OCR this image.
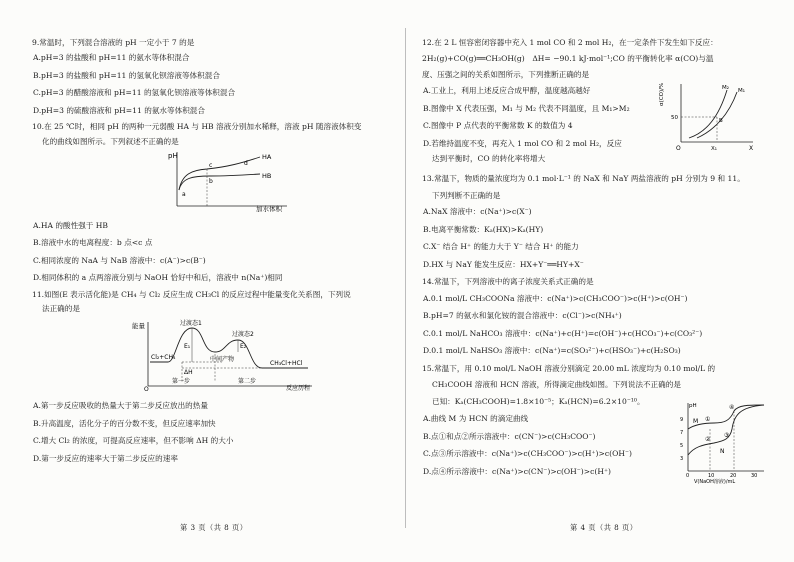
9.常温时，下列混合溶液的 pH 一定小于 7 的是
A.pH=3 的盐酸和 pH=11 的氨水等体积混合
B.pH=3 的盐酸和 pH=11 的氢氧化钡溶液等体积混合
C.pH=3 的醋酸溶液和 pH=11 的氢氧化钡溶液等体积混合
D.pH=3 的硫酸溶液和 pH=11 的氨水等体积混合
10.在 25 ℃时，相同 pH 的两种一元弱酸 HA 与 HB 溶液分别加水稀释，溶液 pH 随溶液体积变
化的曲线如图所示。下列叙述不正确的是
pH
加水体积
HA
HB
a
b
c	d
A.HA 的酸性强于 HB
B.溶液中水的电离程度：b 点<c 点
C.相同浓度的 NaA 与 NaB 溶液中：c(A⁻)>c(B⁻)
D.相同体积的 a 点两溶液分别与 NaOH 恰好中和后，溶液中 n(Na⁺)相同
11.如图(E 表示活化能)是 CH₄ 与 Cl₂ 反应生成 CH₃Cl 的反应过程中能量变化关系图，下列说
法正确的是
能量
O	反应历程
过渡态1
过渡态2
中间产物
Cl₂+CH₄
CH₃Cl+HCl
E₁	E₂
ΔH
第一步	第二步
A.第一步反应吸收的热量大于第二步反应放出的热量
B.升高温度，活化分子的百分数不变，但反应速率加快
C.增大 Cl₂ 的浓度，可提高反应速率，但不影响 ΔH 的大小
D.第一步反应的速率大于第二步反应的速率
第 3 页（共 8 页）
12.在 2 L 恒容密闭容器中充入 1 mol CO 和 2 mol H₂，在一定条件下发生如下反应：
2H₂(g)+CO(g)══CH₃OH(g)　ΔH= −90.1 kJ·mol⁻¹;CO 的平衡转化率 α(CO)与温
度、压强之间的关系如图所示，下列推断正确的是
A.工业上，利用上述反应合成甲醇，温度越高越好
B.图像中 X 代表压强，M₁ 与 M₂ 代表不同温度，且 M₁>M₂
C.图像中 P 点代表的平衡常数 K 的数值为 4
D.若维持温度不变，再充入 1 mol CO 和 2 mol H₂，反应
达到平衡时，CO 的转化率将增大
α(CO)/%
X
O
50
X₁
M₂ M₁
B
13.常温下，物质的量浓度均为 0.1 mol·L⁻¹ 的 NaX 和 NaY 两盐溶液的 pH 分别为 9 和 11。
下列判断不正确的是
A.NaX 溶液中：c(Na⁺)>c(X⁻)
B.电离平衡常数：Kₐ(HX)>Kₐ(HY)
C.X⁻ 结合 H⁺ 的能力大于 Y⁻ 结合 H⁺ 的能力
D.HX 与 NaY 能发生反应：HX+Y⁻══HY+X⁻
14.常温下，下列溶液中的离子浓度关系式正确的是
A.0.1 mol/L CH₃COONa 溶液中：c(Na⁺)>c(CH₃COO⁻)>c(H⁺)>c(OH⁻)
B.pH=7 的氨水和氯化铵的混合溶液中：c(Cl⁻)>c(NH₄⁺)
C.0.1 mol/L NaHCO₃ 溶液中：c(Na⁺)+c(H⁺)=c(OH⁻)+c(HCO₃⁻)+c(CO₃²⁻)
D.0.1 mol/L NaHSO₃ 溶液中：c(Na⁺)=c(SO₃²⁻)+c(HSO₃⁻)+c(H₂SO₃)
15.常温下，用 0.10 mol/L NaOH 溶液分别滴定 20.00 mL 浓度均为 0.10 mol/L 的
CH₃COOH 溶液和 HCN 溶液，所得滴定曲线如图。下列说法不正确的是
已知：Kₐ(CH₃COOH)=1.8×10⁻⁵；Kₐ(HCN)=6.2×10⁻¹⁰。
A.曲线 M 为 HCN 的滴定曲线
B.点①和点②所示溶液中：c(CN⁻)>c(CH₃COO⁻)
C.点③所示溶液中：c(Na⁺)>c(CH₃COO⁻)>c(H⁺)>c(OH⁻)
D.点④所示溶液中：c(Na⁺)>c(CN⁻)>c(OH⁻)>c(H⁺)
pH
3
5
7
9
0	10	20	30
V(NaOH溶液)/mL
M
N
①
②
③
④
第 4 页（共 8 页）
